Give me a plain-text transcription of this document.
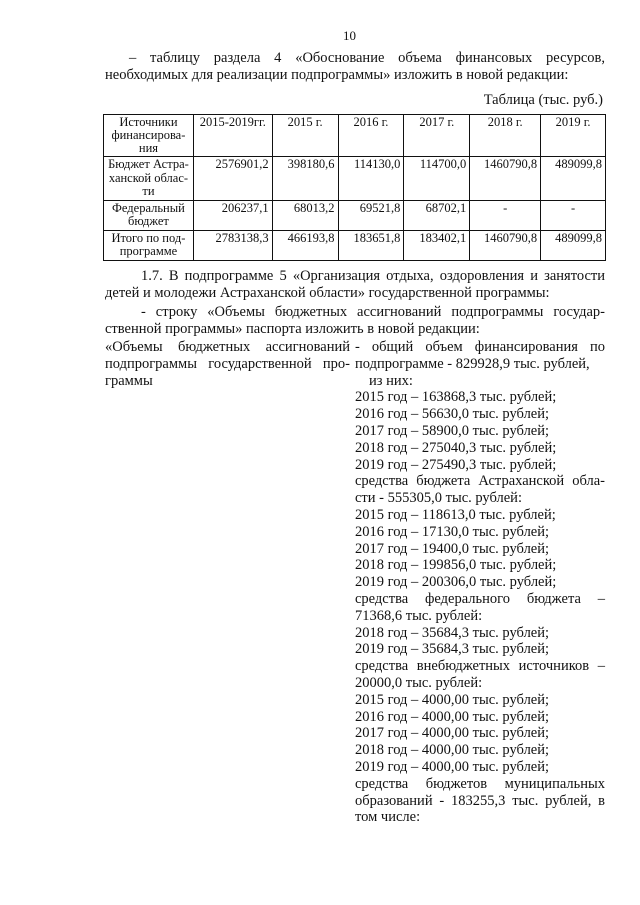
10
– таблицу раздела 4 «Обоснование объема финансовых ресурсов, необходимых для реализации подпрограммы» изложить в новой редакции:
Таблица (тыс. руб.)
Источники финансирова-ния	2015-2019гг.	2015 г.	2016 г.	2017 г.	2018 г.	2019 г.
Бюджет Астра-ханской облас-ти	2576901,2	398180,6	114130,0	114700,0	1460790,8	489099,8
Федеральный бюджет	206237,1	68013,2	69521,8	68702,1	-	-
Итого по под-программе	2783138,3	466193,8	183651,8	183402,1	1460790,8	489099,8
1.7. В подпрограмме 5 «Организация отдыха, оздоровления и занятости детей и молодежи Астраханской области» государственной программы:
- строку «Объемы бюджетных ассигнований подпрограммы государ-ственной программы» паспорта изложить в новой редакции:
«Объемы бюджетных ассигнований подпрограммы государственной про-граммы
- общий объем финансирования по подпрограмме - 829928,9 тыс. рублей,
из них:
2015 год – 163868,3 тыс. рублей;
2016 год – 56630,0 тыс. рублей;
2017 год – 58900,0 тыс. рублей;
2018 год – 275040,3 тыс. рублей;
2019 год – 275490,3 тыс. рублей;
средства бюджета Астраханской обла-сти - 555305,0 тыс. рублей:
2015 год – 118613,0 тыс. рублей;
2016 год – 17130,0 тыс. рублей;
2017 год – 19400,0 тыс. рублей;
2018 год – 199856,0 тыс. рублей;
2019 год – 200306,0 тыс. рублей;
средства федерального бюджета – 71368,6 тыс. рублей:
2018 год – 35684,3 тыс. рублей;
2019 год – 35684,3 тыс. рублей;
средства внебюджетных источников – 20000,0 тыс. рублей:
2015 год – 4000,00 тыс. рублей;
2016 год – 4000,00 тыс. рублей;
2017 год – 4000,00 тыс. рублей;
2018 год – 4000,00 тыс. рублей;
2019 год – 4000,00 тыс. рублей;
средства бюджетов муниципальных образований - 183255,3 тыс. рублей, в том числе:
